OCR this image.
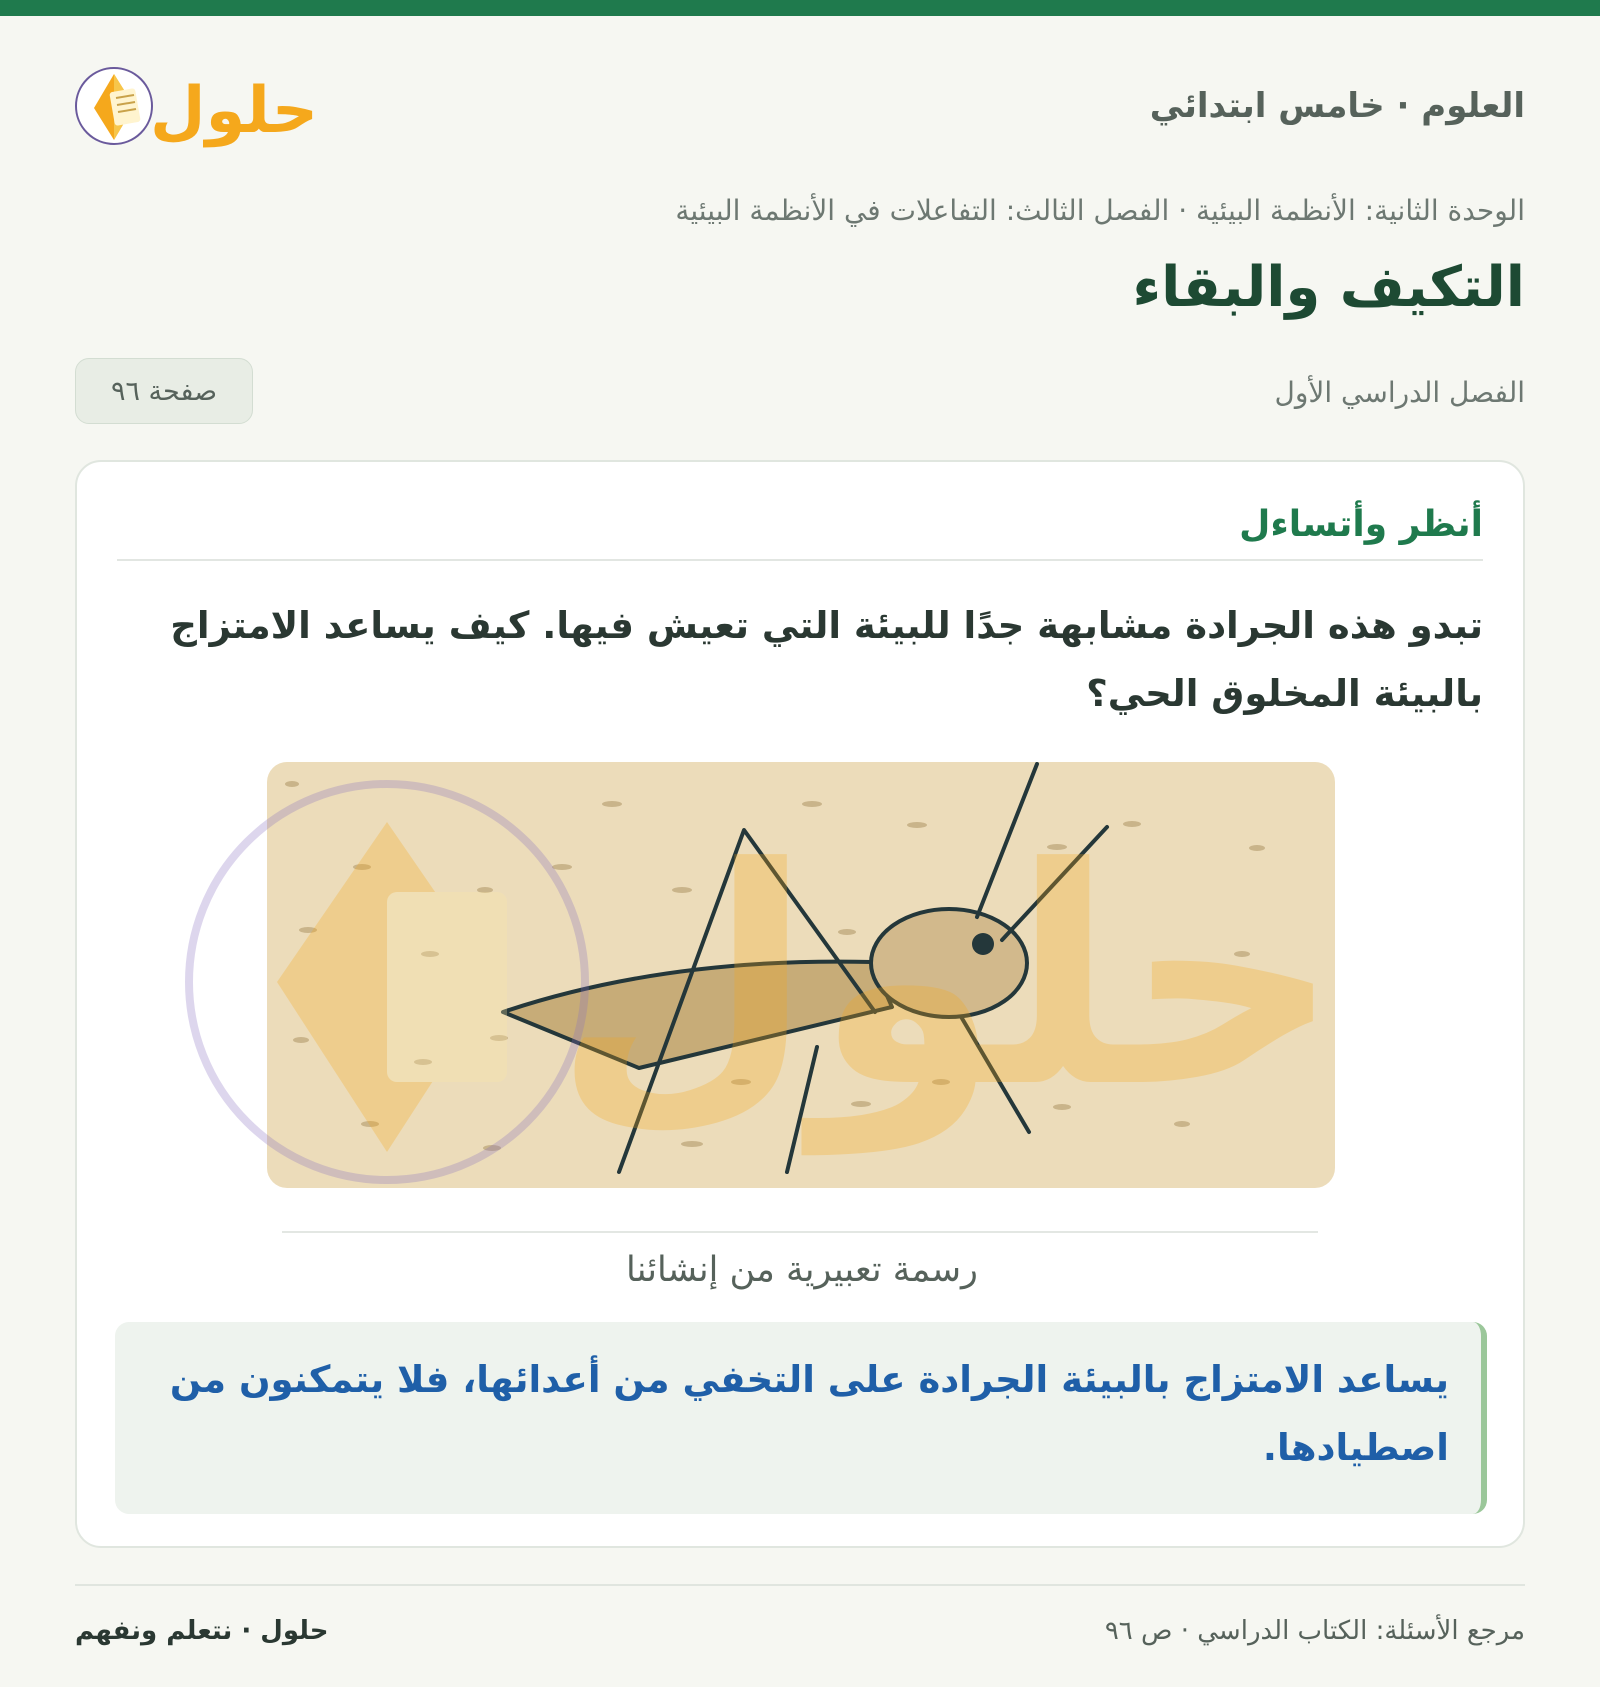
العلوم · خامس ابتدائي
حلول
الوحدة الثانية: الأنظمة البيئية · الفصل الثالث: التفاعلات في الأنظمة البيئية
التكيف والبقاء
الفصل الدراسي الأول
صفحة ٩٦
أنظر وأتساءل
تبدو هذه الجرادة مشابهة جدًا للبيئة التي تعيش فيها. كيف يساعد الامتزاج بالبيئة المخلوق الحي؟
حلول
رسمة تعبيرية من إنشائنا
يساعد الامتزاج بالبيئة الجرادة على التخفي من أعدائها، فلا يتمكنون من اصطيادها.
مرجع الأسئلة: الكتاب الدراسي · ص ٩٦
حلول · نتعلم ونفهم
